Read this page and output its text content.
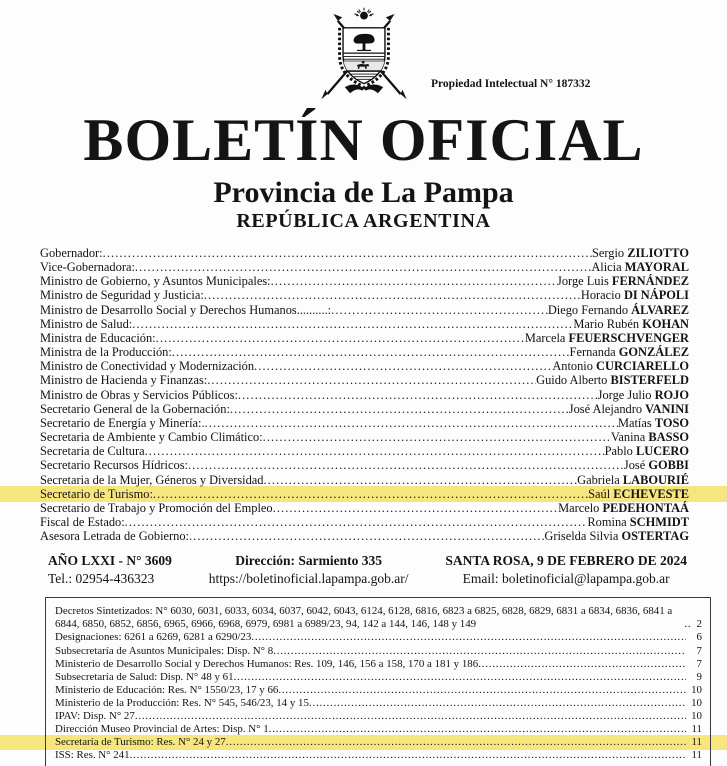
Propiedad Intelectual N° 187332
BOLETÍN OFICIAL
Provincia de La Pampa
REPÚBLICA ARGENTINA
Gobernador: .....	Sergio ZILIOTTO
Vice-Gobernadora: .....	Alicia MAYORAL
Ministro de Gobierno, y Asuntos Municipales: .....	Jorge Luis FERNÁNDEZ
Ministro de Seguridad y Justicia: .....	Horacio DI NÁPOLI
Ministro de Desarrollo Social y Derechos Humanos..........: .....	Diego Fernando ÁLVAREZ
Ministro de Salud: .....	Mario Rubén KOHAN
Ministra de Educación: .....	Marcela FEUERSCHVENGER
Ministra de la Producción: .....	Fernanda GONZÁLEZ
Ministro de Conectividad y Modernización .....	Antonio CURCIARELLO
Ministro de Hacienda y Finanzas: .....	Guido Alberto BISTERFELD
Ministro de Obras y Servicios Públicos: .....	Jorge Julio ROJO
Secretario General de la Gobernación: .....	José Alejandro VANINI
Secretario de Energía y Minería:. .....	Matías TOSO
Secretaria de Ambiente y Cambio Climático: .....	Vanina BASSO
Secretaria de Cultura .....	Pablo LUCERO
Secretario Recursos Hídricos: .....	José GOBBI
Secretaria de la Mujer, Géneros y Diversidad .....	Gabriela LABOURIÉ
Secretario de Turismo: .....	Saúl ECHEVESTE
Secretario de Trabajo y Promoción del Empleo .....	Marcelo PEDEHONTAÁ
Fiscal de Estado: .....	Romina SCHMIDT
Asesora Letrada de Gobierno: .....	Griselda Silvia OSTERTAG
AÑO LXXI - N° 3609
Tel.: 02954-436323
Dirección: Sarmiento 335
https://boletinoficial.lapampa.gob.ar/
SANTA ROSA, 9 DE FEBRERO DE 2024
Email: boletinoficial@lapampa.gob.ar
Decretos Sintetizados: N° 6030, 6031, 6033, 6034, 6037, 6042, 6043, 6124, 6128, 6816, 6823 a 6825, 6828, 6829, 6831 a 6834, 6836, 6841 a 6844, 6850, 6852, 6856, 6965, 6966, 6968, 6979, 6981 a 6989/23, 94, 142 a 144, 146, 148 y 149 .....	2
Designaciones: 6261 a 6269, 6281 a 6290/23 .....	6
Subsecretaría de Asuntos Municipales: Disp. N° 8 .....	7
Ministerio de Desarrollo Social y Derechos Humanos: Res. 109, 146, 156 a 158, 170 a 181 y 186 .....	7
Subsecretaría de Salud: Disp. N° 48 y 61 .....	9
Ministerio de Educación: Res. N° 1550/23, 17 y 66 .....	10
Ministerio de la Producción: Res. N° 545, 546/23, 14 y 15 .....	10
IPAV: Disp. N° 27 .....	10
Dirección Museo Provincial de Artes: Disp. N° 1 .....	11
Secretaría de Turismo: Res. N° 24 y 27 .....	11
ISS: Res. N° 241 .....	11
